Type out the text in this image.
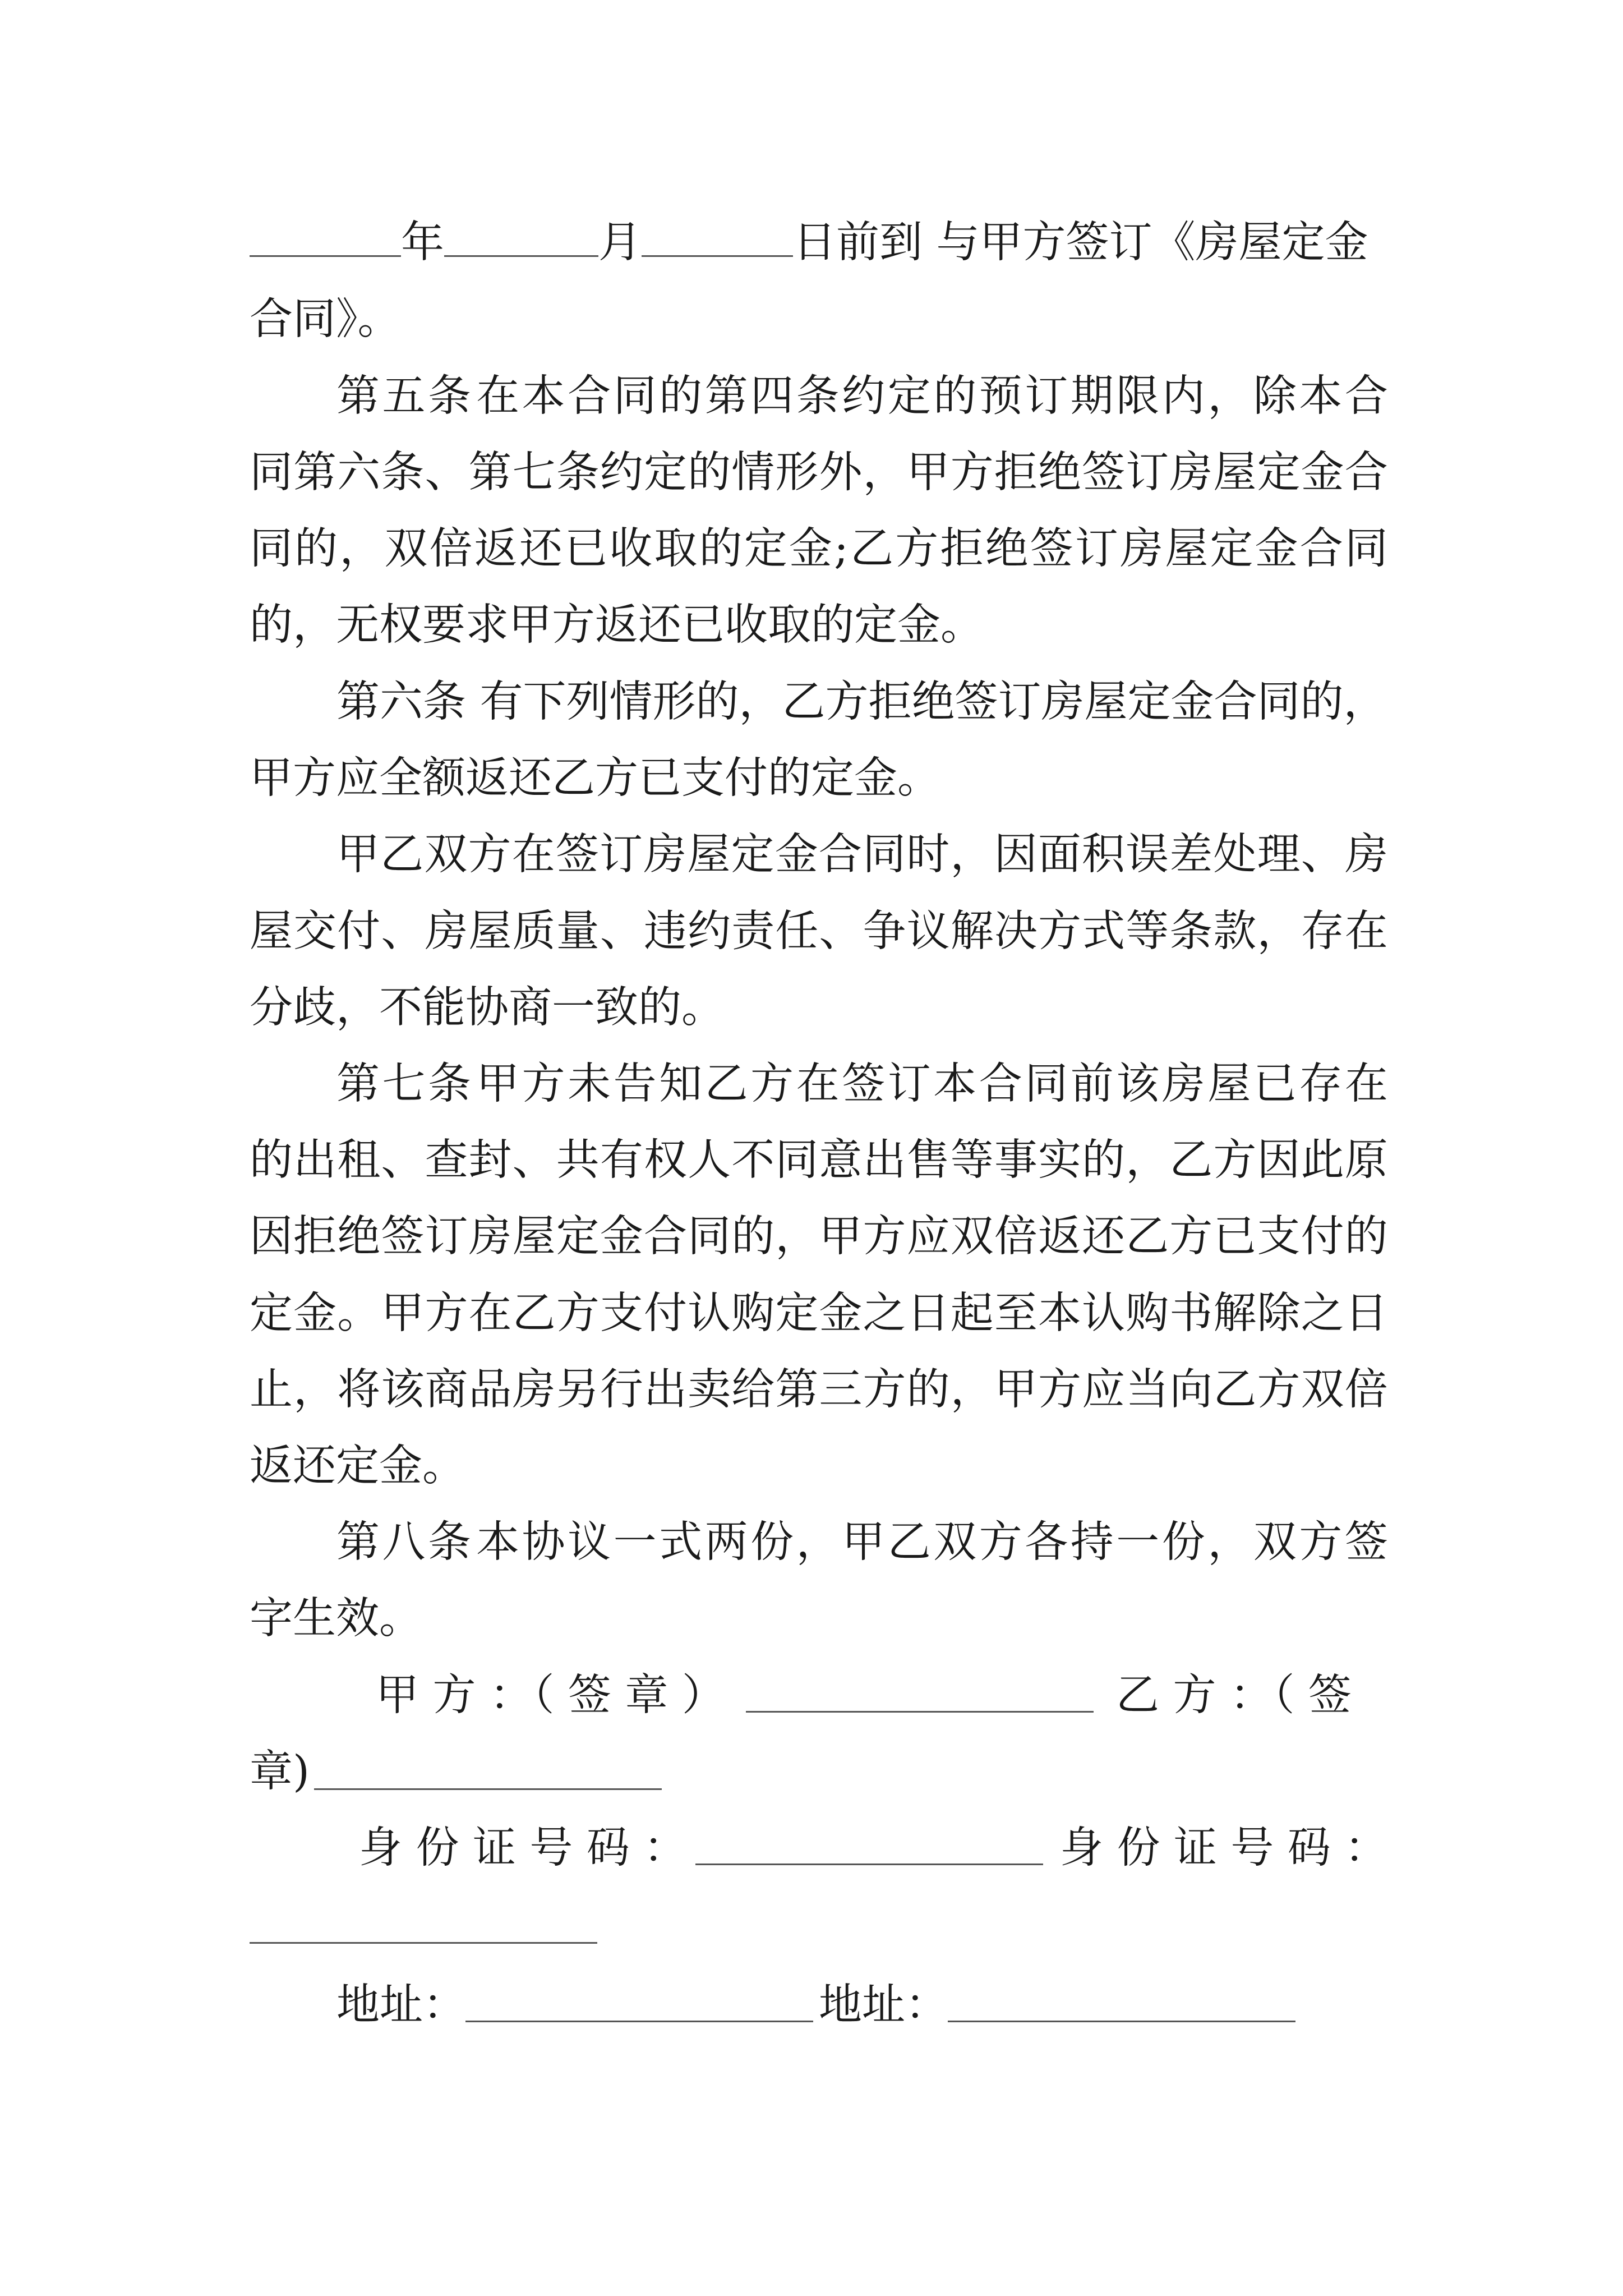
年	月	日前到 与甲方签订《房屋定金
合同》。
第 五 条 在 本 合 同 的 第 四 条 约 定 的 预 订 期 限 内 ， 除 本 合
同 第 六 条 、 第 七 条 约 定 的 情 形 外 ， 甲 方 拒 绝 签 订 房 屋 定 金 合
同 的 ， 双 倍 返 还 已 收 取 的 定 金 ; 乙 方 拒 绝 签 订 房 屋 定 金 合 同
的，无权要求甲方返还已收取的定金。
第六条 有下列情形的，乙方拒绝签订房屋定金合同的，
甲方应全额返还乙方已支付的定金。
甲 乙 双 方 在 签 订 房 屋 定 金 合 同 时 ， 因 面 积 误 差 处 理 、 房
屋 交 付 、 房 屋 质 量 、 违 约 责 任 、 争 议 解 决 方 式 等 条 款 ， 存 在
分歧，不能协商一致的。
第 七 条 甲 方 未 告 知 乙 方 在 签 订 本 合 同 前 该 房 屋 已 存 在
的 出 租 、 查 封 、 共 有 权 人 不 同 意 出 售 等 事 实 的 ， 乙 方 因 此 原
因 拒 绝 签 订 房 屋 定 金 合 同 的 ， 甲 方 应 双 倍 返 还 乙 方 已 支 付 的
定 金 。 甲 方 在 乙 方 支 付 认 购 定 金 之 日 起 至 本 认 购 书 解 除 之 日
止 ， 将 该 商 品 房 另 行 出 卖 给 第 三 方 的 ， 甲 方 应 当 向 乙 方 双 倍
返还定金。
第 八 条 本 协 议 一 式 两 份 ， 甲 乙 双 方 各 持 一 份 ， 双 方 签
字生效。
甲 方 ：（ 签 章 ）	乙 方 ：（ 签
章)
身 份 证 号 码 ：	身 份 证 号 码 ：
地址：	地址：
